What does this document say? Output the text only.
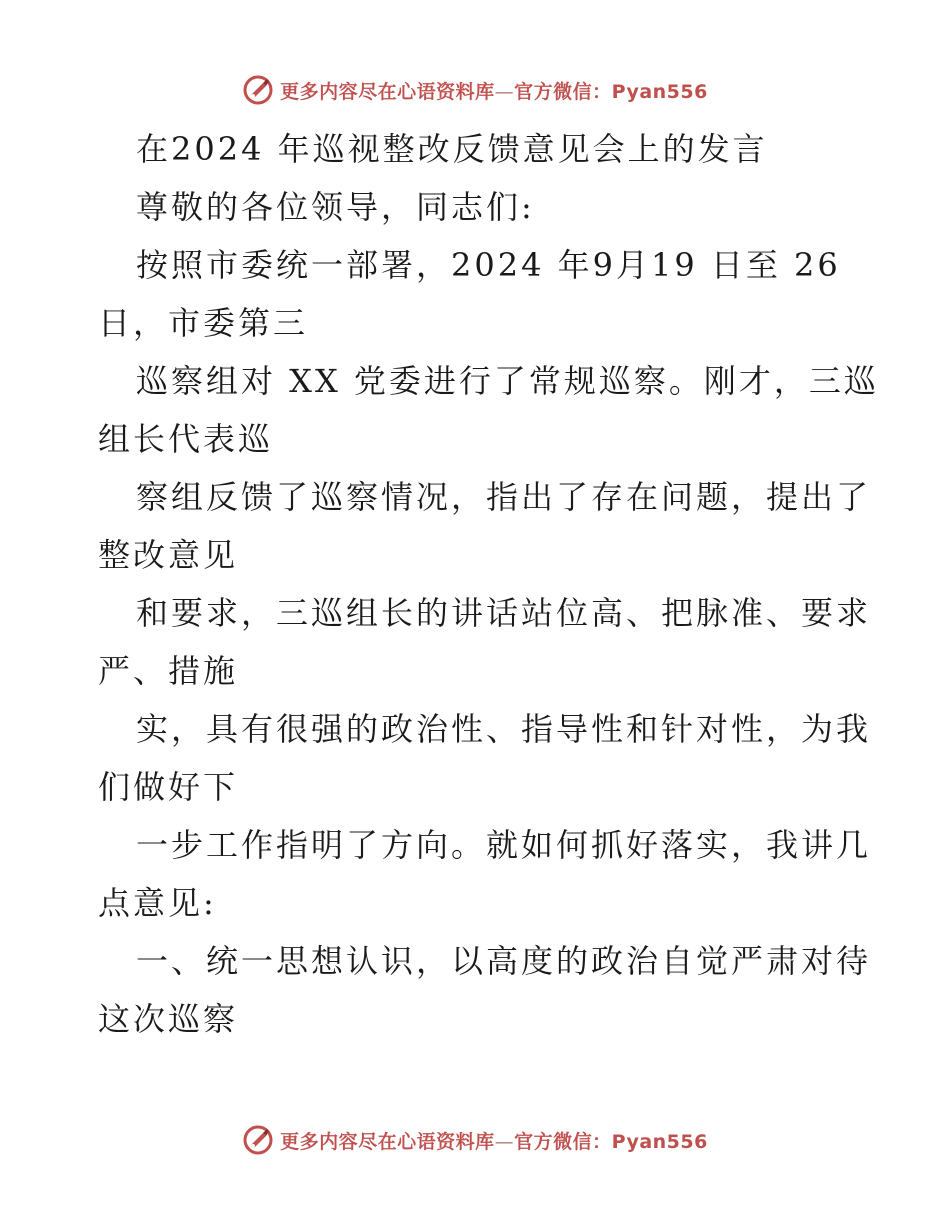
更多内容尽在心语资料库—官方微信：Pyan556
在2024 年巡视整改反馈意见会上的发言
尊敬的各位领导，同志们:
按照市委统一部署，2024 年9月19 日至 26
日，市委第三
巡察组对 XX 党委进行了常规巡察。刚才，三巡
组长代表巡
察组反馈了巡察情况，指出了存在问题，提出了
整改意见
和要求，三巡组长的讲话站位高、把脉准、要求
严、措施
实，具有很强的政治性、指导性和针对性，为我
们做好下
一步工作指明了方向。就如何抓好落实，我讲几
点意见:
一、统一思想认识，以高度的政治自觉严肃对待
这次巡察
更多内容尽在心语资料库—官方微信：Pyan556
